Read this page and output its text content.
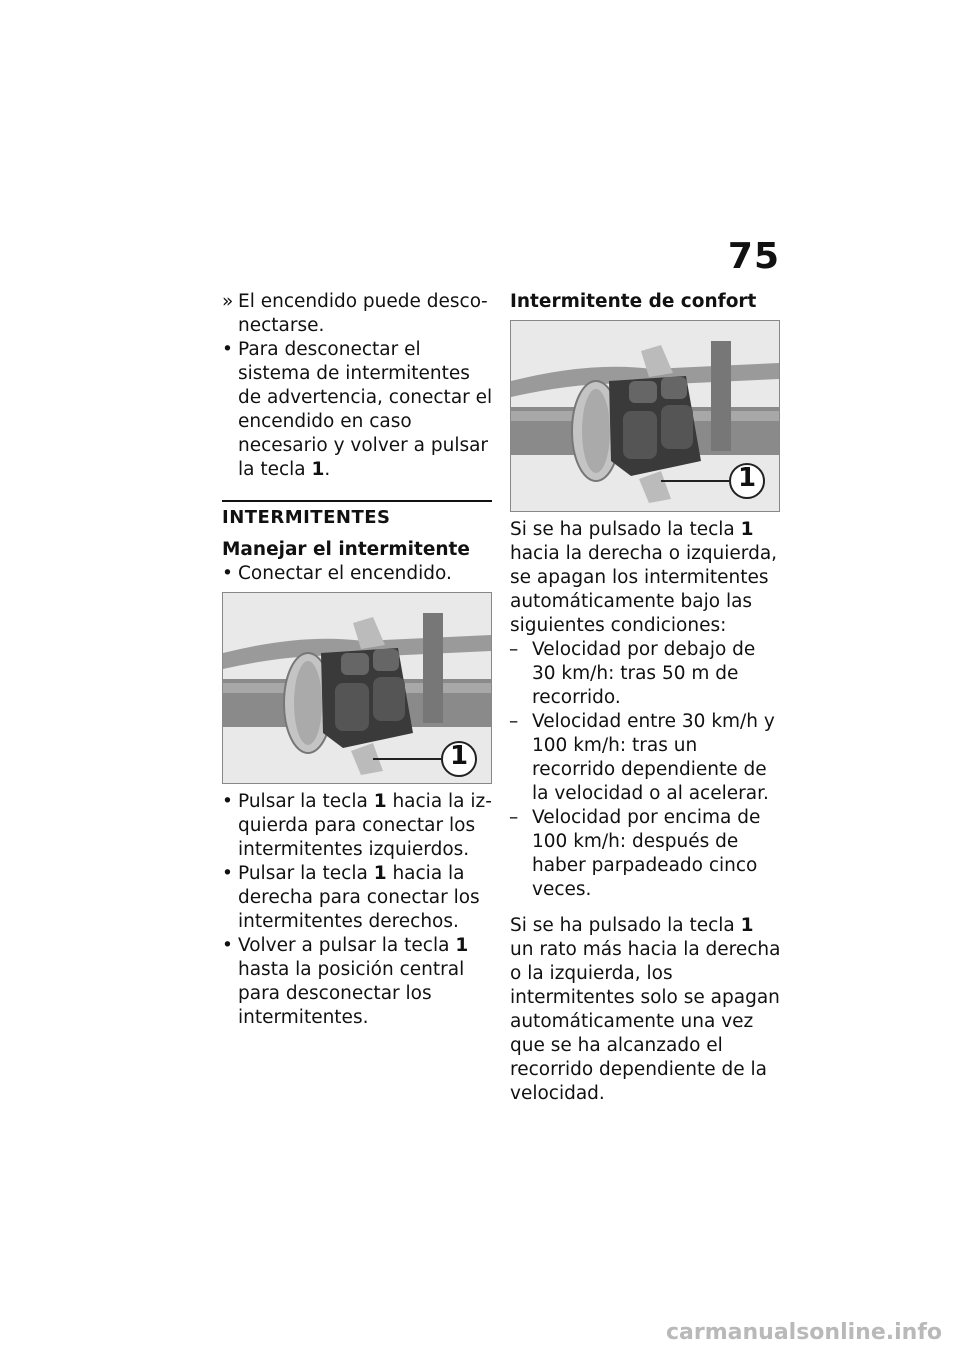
75
» El encendido puede desconectarse.
• Para desconectar el sistema de intermitentes de advertencia, conectar el encendido en caso necesario y volver a pulsar la tecla 1.
INTERMITENTES
Manejar el intermitente
• Conectar el encendido.
1
• Pulsar la tecla 1 hacia la izquierda para conectar los intermitentes izquierdos.
• Pulsar la tecla 1 hacia la derecha para conectar los intermitentes derechos.
• Volver a pulsar la tecla 1 hasta la posición central para desconectar los intermitentes.
Intermitente de confort
1

Si se ha pulsado la tecla 1 hacia la derecha o izquierda, se apagan los intermitentes automáticamente bajo las siguientes condiciones:

– Velocidad por debajo de 30 km/h: tras 50 m de recorrido.
– Velocidad entre 30 km/h y 100 km/h: tras un recorrido dependiente de la velocidad o al acelerar.
– Velocidad por encima de 100 km/h: después de haber parpadeado cinco veces.

Si se ha pulsado la tecla 1 un rato más hacia la derecha o la izquierda, los intermitentes solo se apagan automáticamente una vez que se ha alcanzado el recorrido dependiente de la velocidad.

carmanualsonline.info
